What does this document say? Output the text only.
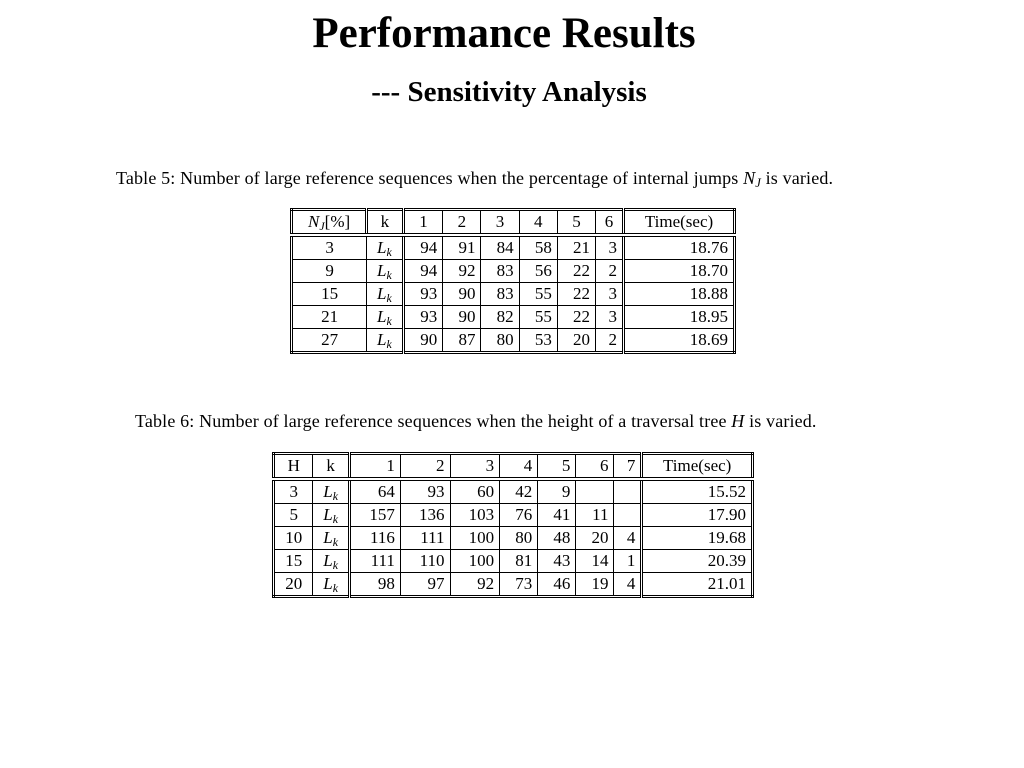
Performance Results
--- Sensitivity Analysis
Table 5: Number of large reference sequences when the percentage of internal jumps $N_J$ is varied.
$N_J[\%]$	k	1	2	3	4	5	6	Time(sec)
3	$L_k$	94	91	84	58	21	3	18.76
9	$L_k$	94	92	83	56	22	2	18.70
15	$L_k$	93	90	83	55	22	3	18.88
21	$L_k$	93	90	82	55	22	3	18.95
27	$L_k$	90	87	80	53	20	2	18.69
Table 6: Number of large reference sequences when the height of a traversal tree H is varied.
H	k	1	2	3	4	5	6	7	Time(sec)
3	$L_k$	64	93	60	42	9			15.52
5	$L_k$	157	136	103	76	41	11		17.90
10	$L_k$	116	111	100	80	48	20	4	19.68
15	$L_k$	111	110	100	81	43	14	1	20.39
20	$L_k$	98	97	92	73	46	19	4	21.01
